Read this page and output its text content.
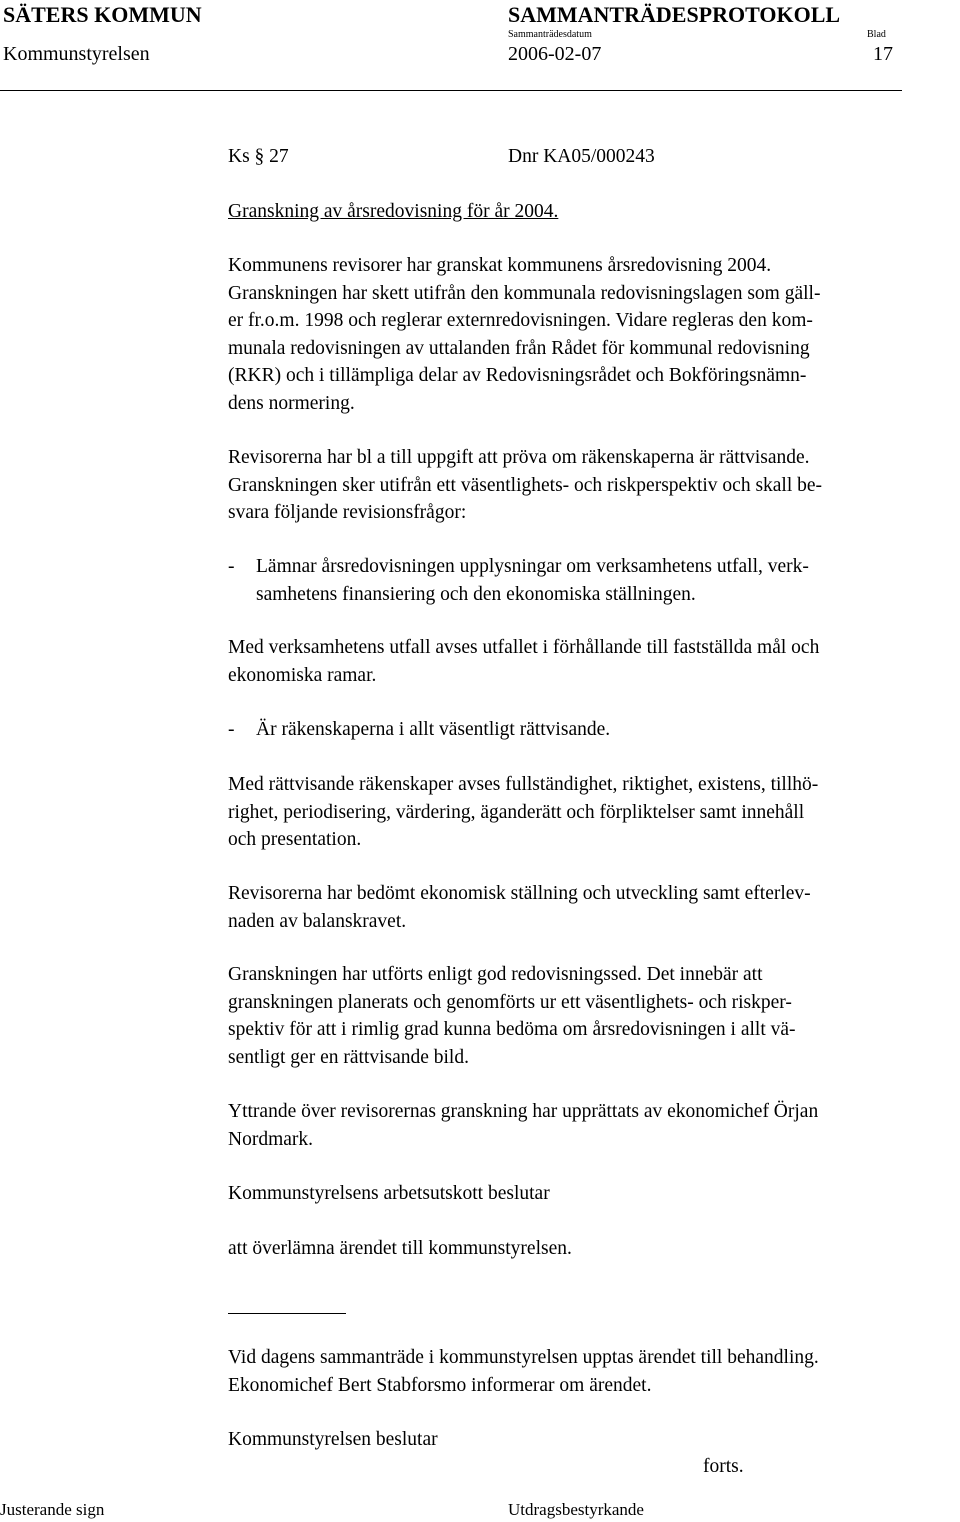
SÄTERS KOMMUN	SAMMANTRÄDESPROTOKOLL
Sammanträdesdatum	Blad
Kommunstyrelsen	2006-02-07	17
Ks § 27	Dnr KA05/000243
Granskning av årsredovisning för år 2004.
Kommunens revisorer har granskat kommunens årsredovisning 2004.
Granskningen har skett utifrån den kommunala redovisningslagen som gäll-
er fr.o.m. 1998 och reglerar externredovisningen. Vidare regleras den kom-
munala redovisningen av uttalanden från Rådet för kommunal redovisning
(RKR) och i tillämpliga delar av Redovisningsrådet och Bokföringsnämn-
dens normering.
Revisorerna har bl a till uppgift att pröva om räkenskaperna är rättvisande.
Granskningen sker utifrån ett väsentlighets- och riskperspektiv och skall be-
svara följande revisionsfrågor:
- Lämnar årsredovisningen upplysningar om verksamhetens utfall, verk-
samhetens finansiering och den ekonomiska ställningen.
Med verksamhetens utfall avses utfallet i förhållande till fastställda mål och
ekonomiska ramar.
- Är räkenskaperna i allt väsentligt rättvisande.
Med rättvisande räkenskaper avses fullständighet, riktighet, existens, tillhö-
righet, periodisering, värdering, äganderätt och förpliktelser samt innehåll
och presentation.
Revisorerna har bedömt ekonomisk ställning och utveckling samt efterlev-
naden av balanskravet.
Granskningen har utförts enligt god redovisningssed. Det innebär att
granskningen planerats och genomförts ur ett väsentlighets- och riskper-
spektiv för att i rimlig grad kunna bedöma om årsredovisningen i allt vä-
sentligt ger en rättvisande bild.
Yttrande över revisorernas granskning har upprättats av ekonomichef Örjan
Nordmark.
Kommunstyrelsens arbetsutskott beslutar
att överlämna ärendet till kommunstyrelsen.
Vid dagens sammanträde i kommunstyrelsen upptas ärendet till behandling.
Ekonomichef Bert Stabforsmo informerar om ärendet.
Kommunstyrelsen beslutar
forts.
Justerande sign	Utdragsbestyrkande
